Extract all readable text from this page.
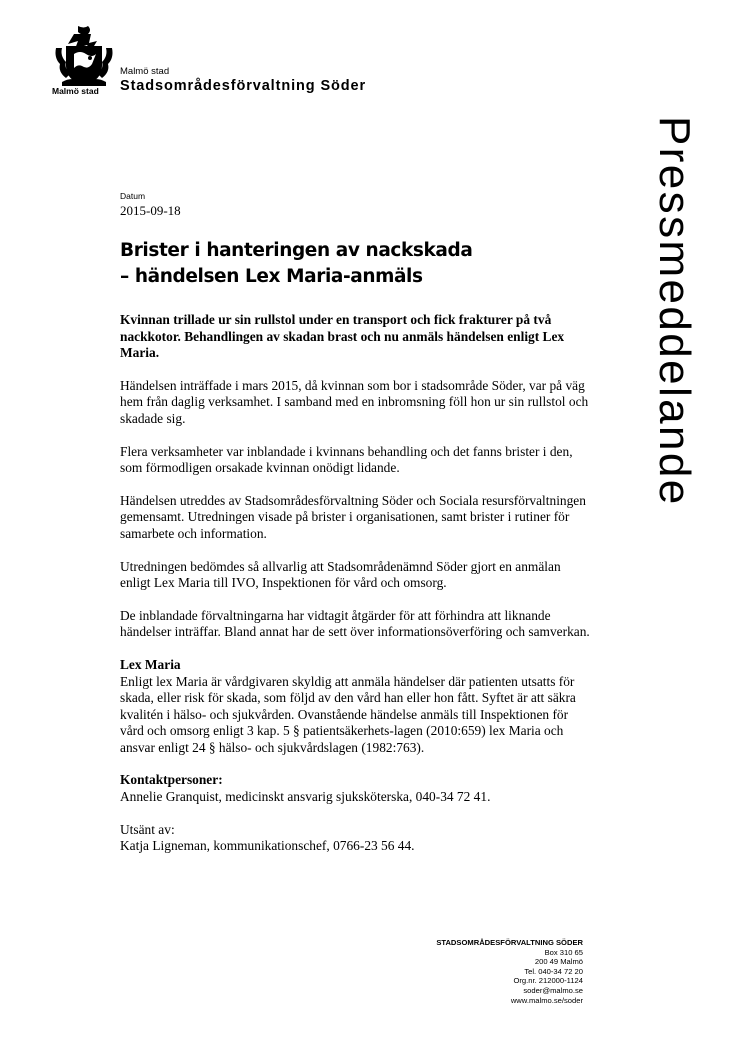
Malmö stad
Malmö stad
Stadsområdesförvaltning Söder
Pressmeddelande
Datum
2015-09-18
Brister i hanteringen av nackskada
– händelsen Lex Maria-anmäls

Kvinnan trillade ur sin rullstol under en transport och fick frakturer på två nackkotor. Behandlingen av skadan brast och nu anmäls händelsen enligt Lex Maria.

Händelsen inträffade i mars 2015, då kvinnan som bor i stadsområde Söder, var på väg hem från daglig verksamhet. I samband med en inbromsning föll hon ur sin rullstol och skadade sig.

Flera verksamheter var inblandade i kvinnans behandling och det fanns brister i den, som förmodligen orsakade kvinnan onödigt lidande.

Händelsen utreddes av Stadsområdesförvaltning Söder och Sociala resursförvaltningen gemensamt. Utredningen visade på brister i organisationen, samt brister i rutiner för samarbete och information.

Utredningen bedömdes så allvarlig att Stadsområdenämnd Söder gjort en anmälan enligt Lex Maria till IVO, Inspektionen för vård och omsorg.

De inblandade förvaltningarna har vidtagit åtgärder för att förhindra att liknande händelser inträffar. Bland annat har de sett över informationsöverföring och samverkan.

Lex Maria
Enligt lex Maria är vårdgivaren skyldig att anmäla händelser där patienten utsatts för skada, eller risk för skada, som följd av den vård han eller hon fått. Syftet är att säkra kvalitén i hälso- och sjukvården. Ovanstående händelse anmäls till Inspektionen för vård och omsorg enligt 3 kap. 5 § patientsäkerhets-lagen (2010:659) lex Maria och ansvar enligt 24 § hälso- och sjukvårdslagen (1982:763).

Kontaktpersoner:
Annelie Granquist, medicinskt ansvarig sjuksköterska, 040-34 72 41.

Utsänt av:
Katja Ligneman, kommunikationschef, 0766-23 56 44.

STADSOMRÅDESFÖRVALTNING SÖDER
Box 310 65
200 49 Malmö
Tel. 040-34 72 20
Org.nr. 212000-1124
soder@malmo.se
www.malmo.se/soder
